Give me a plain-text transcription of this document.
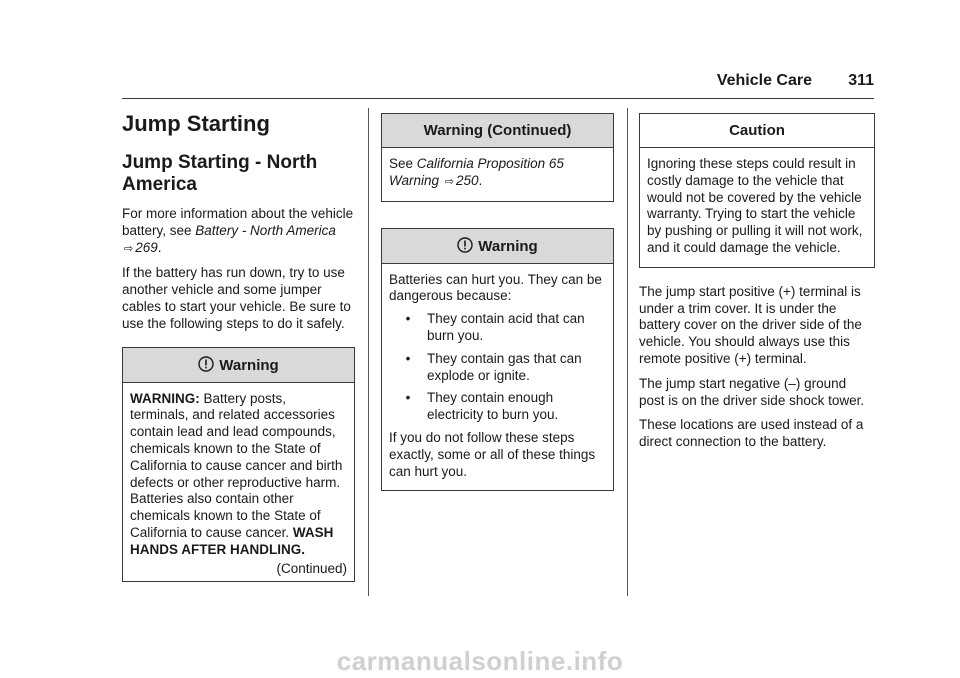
Vehicle Care 311
Jump Starting
Jump Starting - North America

For more information about the vehicle battery, see Battery - North America ⇨ 269.

If the battery has run down, try to use another vehicle and some jumper cables to start your vehicle. Be sure to use the following steps to do it safely.

Warning

WARNING: Battery posts, terminals, and related accessories contain lead and lead compounds, chemicals known to the State of California to cause cancer and birth defects or other reproductive harm. Batteries also contain other chemicals known to the State of California to cause cancer. WASH HANDS AFTER HANDLING.

(Continued)
Warning (Continued)

See California Proposition 65 Warning ⇨ 250.

Warning

Batteries can hurt you. They can be dangerous because:

•	They contain acid that can burn you.
•	They contain gas that can explode or ignite.
•	They contain enough electricity to burn you.

If you do not follow these steps exactly, some or all of these things can hurt you.

Caution

Ignoring these steps could result in costly damage to the vehicle that would not be covered by the vehicle warranty. Trying to start the vehicle by pushing or pulling it will not work, and it could damage the vehicle.

The jump start positive (+) terminal is under a trim cover. It is under the battery cover on the driver side of the vehicle. You should always use this remote positive (+) terminal.

The jump start negative (–) ground post is on the driver side shock tower.

These locations are used instead of a direct connection to the battery.

carmanualsonline.info
